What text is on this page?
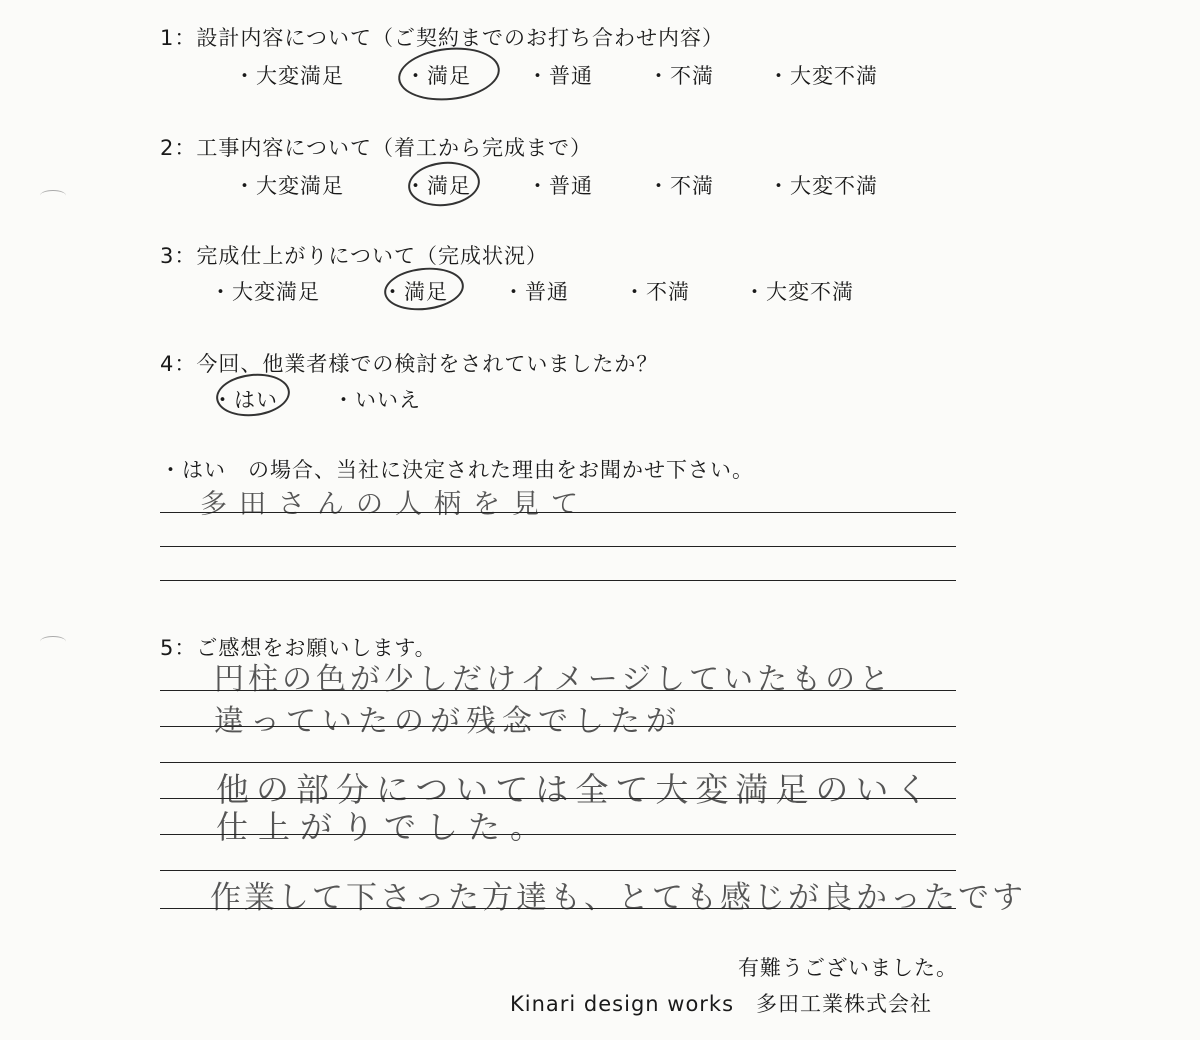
1：設計内容について（ご契約までのお打ち合わせ内容）
・大変満足	・満足	・普通	・不満	・大変不満
2：工事内容について（着工から完成まで）
・大変満足	・満足	・普通	・不満	・大変不満
3：完成仕上がりについて（完成状況）
・大変満足	・満足	・普通	・不満	・大変不満
4：今回、他業者様での検討をされていましたか？
・はい	・いいえ
・はい　の場合、当社に決定された理由をお聞かせ下さい。
多田さんの人柄を見て
5：ご感想をお願いします。
円柱の色が少しだけイメージしていたものと
違っていたのが残念でしたが
他の部分については全て大変満足のいく
仕上がりでした。
作業して下さった方達も、とても感じが良かったです
有難うございました。
Kinari design works　多田工業株式会社
